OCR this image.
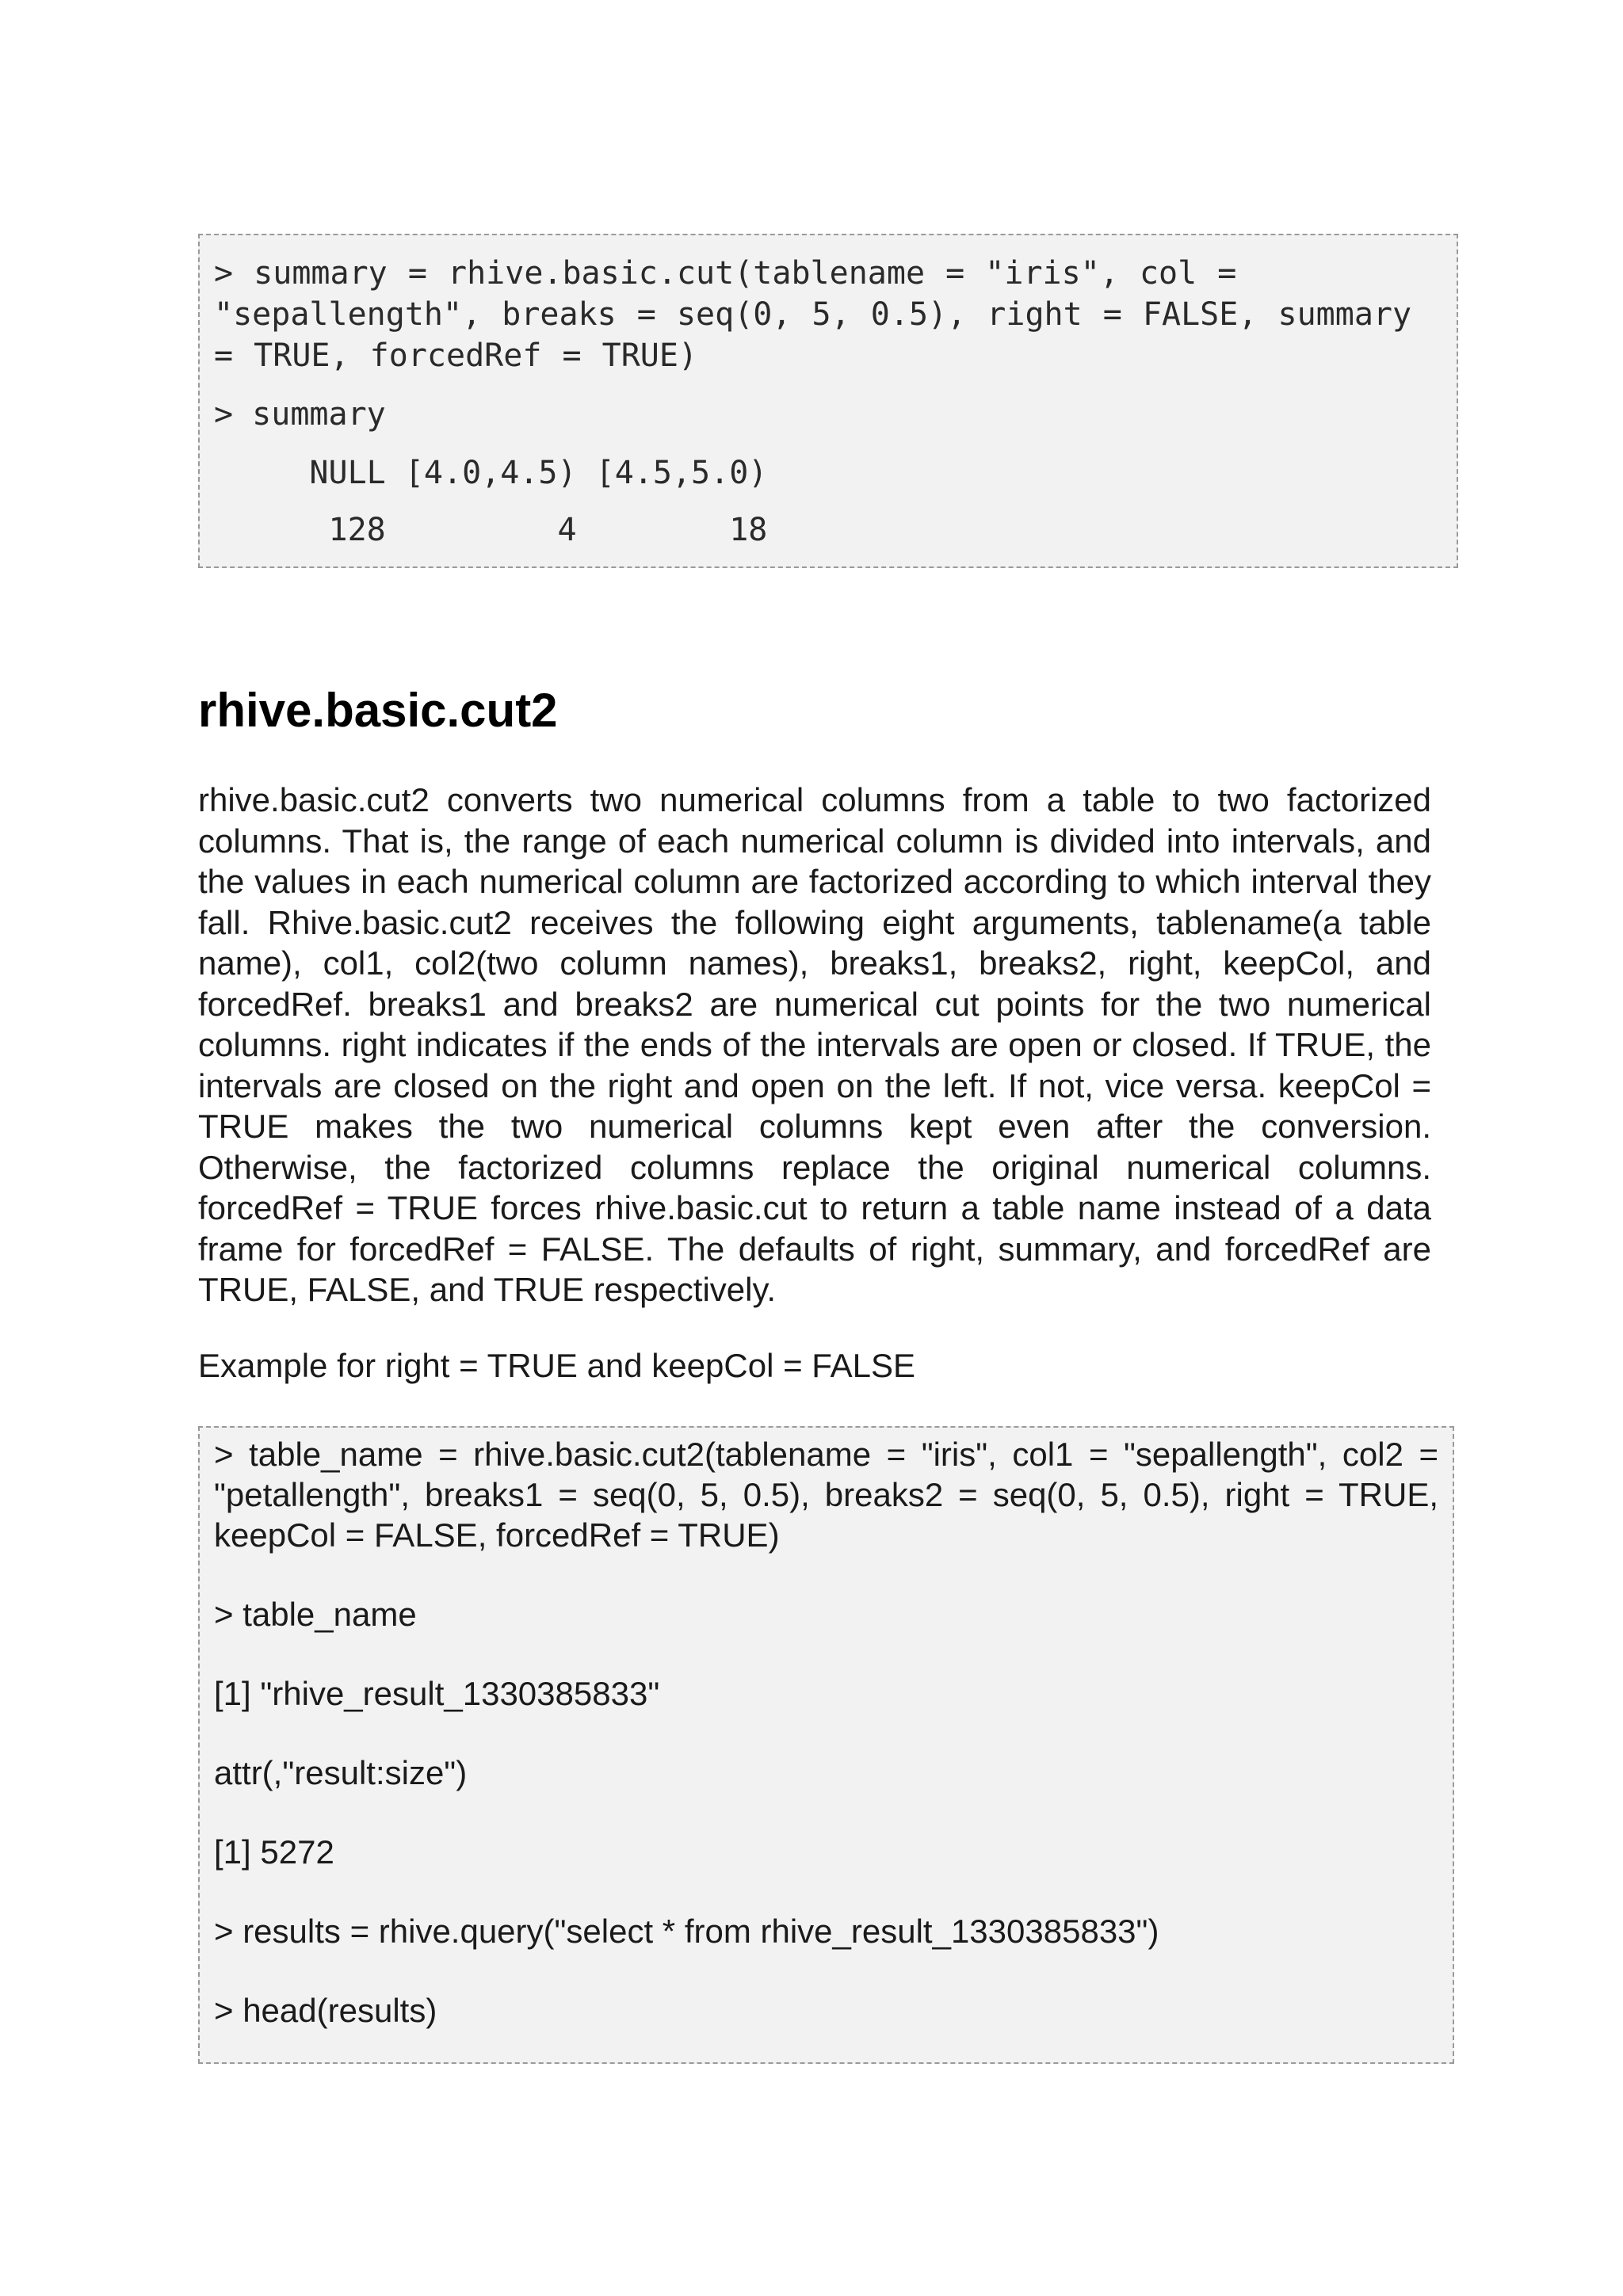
> summary = rhive.basic.cut(tablename = "iris", col = "sepallength", breaks = seq(0, 5, 0.5), right = FALSE, summary = TRUE, forcedRef = TRUE)
> summary
NULL [4.0,4.5) [4.5,5.0)
128         4        18
rhive.basic.cut2

rhive.basic.cut2 converts two numerical columns from a table to two factorized columns. That is, the range of each numerical column is divided into intervals, and the values in each numerical column are factorized according to which interval they fall. Rhive.basic.cut2 receives the following eight arguments, tablename(a table name), col1, col2(two column names), breaks1, breaks2, right, keepCol, and forcedRef. breaks1 and breaks2 are numerical cut points for the two numerical columns. right indicates if the ends of the intervals are open or closed. If TRUE, the intervals are closed on the right and open on the left. If not, vice versa. keepCol = TRUE makes the two numerical columns kept even after the conversion. Otherwise, the factorized columns replace the original numerical columns. forcedRef = TRUE forces rhive.basic.cut to return a table name instead of a data frame for forcedRef = FALSE. The defaults of right, summary, and forcedRef are TRUE, FALSE, and TRUE respectively.

Example for right = TRUE and keepCol = FALSE

> table_name = rhive.basic.cut2(tablename = "iris", col1 = "sepallength", col2 = "petallength", breaks1 = seq(0, 5, 0.5), breaks2 = seq(0, 5, 0.5), right = TRUE, keepCol = FALSE, forcedRef = TRUE)

> table_name

[1] "rhive_result_1330385833"

attr(,"result:size")

[1] 5272

> results = rhive.query("select * from rhive_result_1330385833")

> head(results)
